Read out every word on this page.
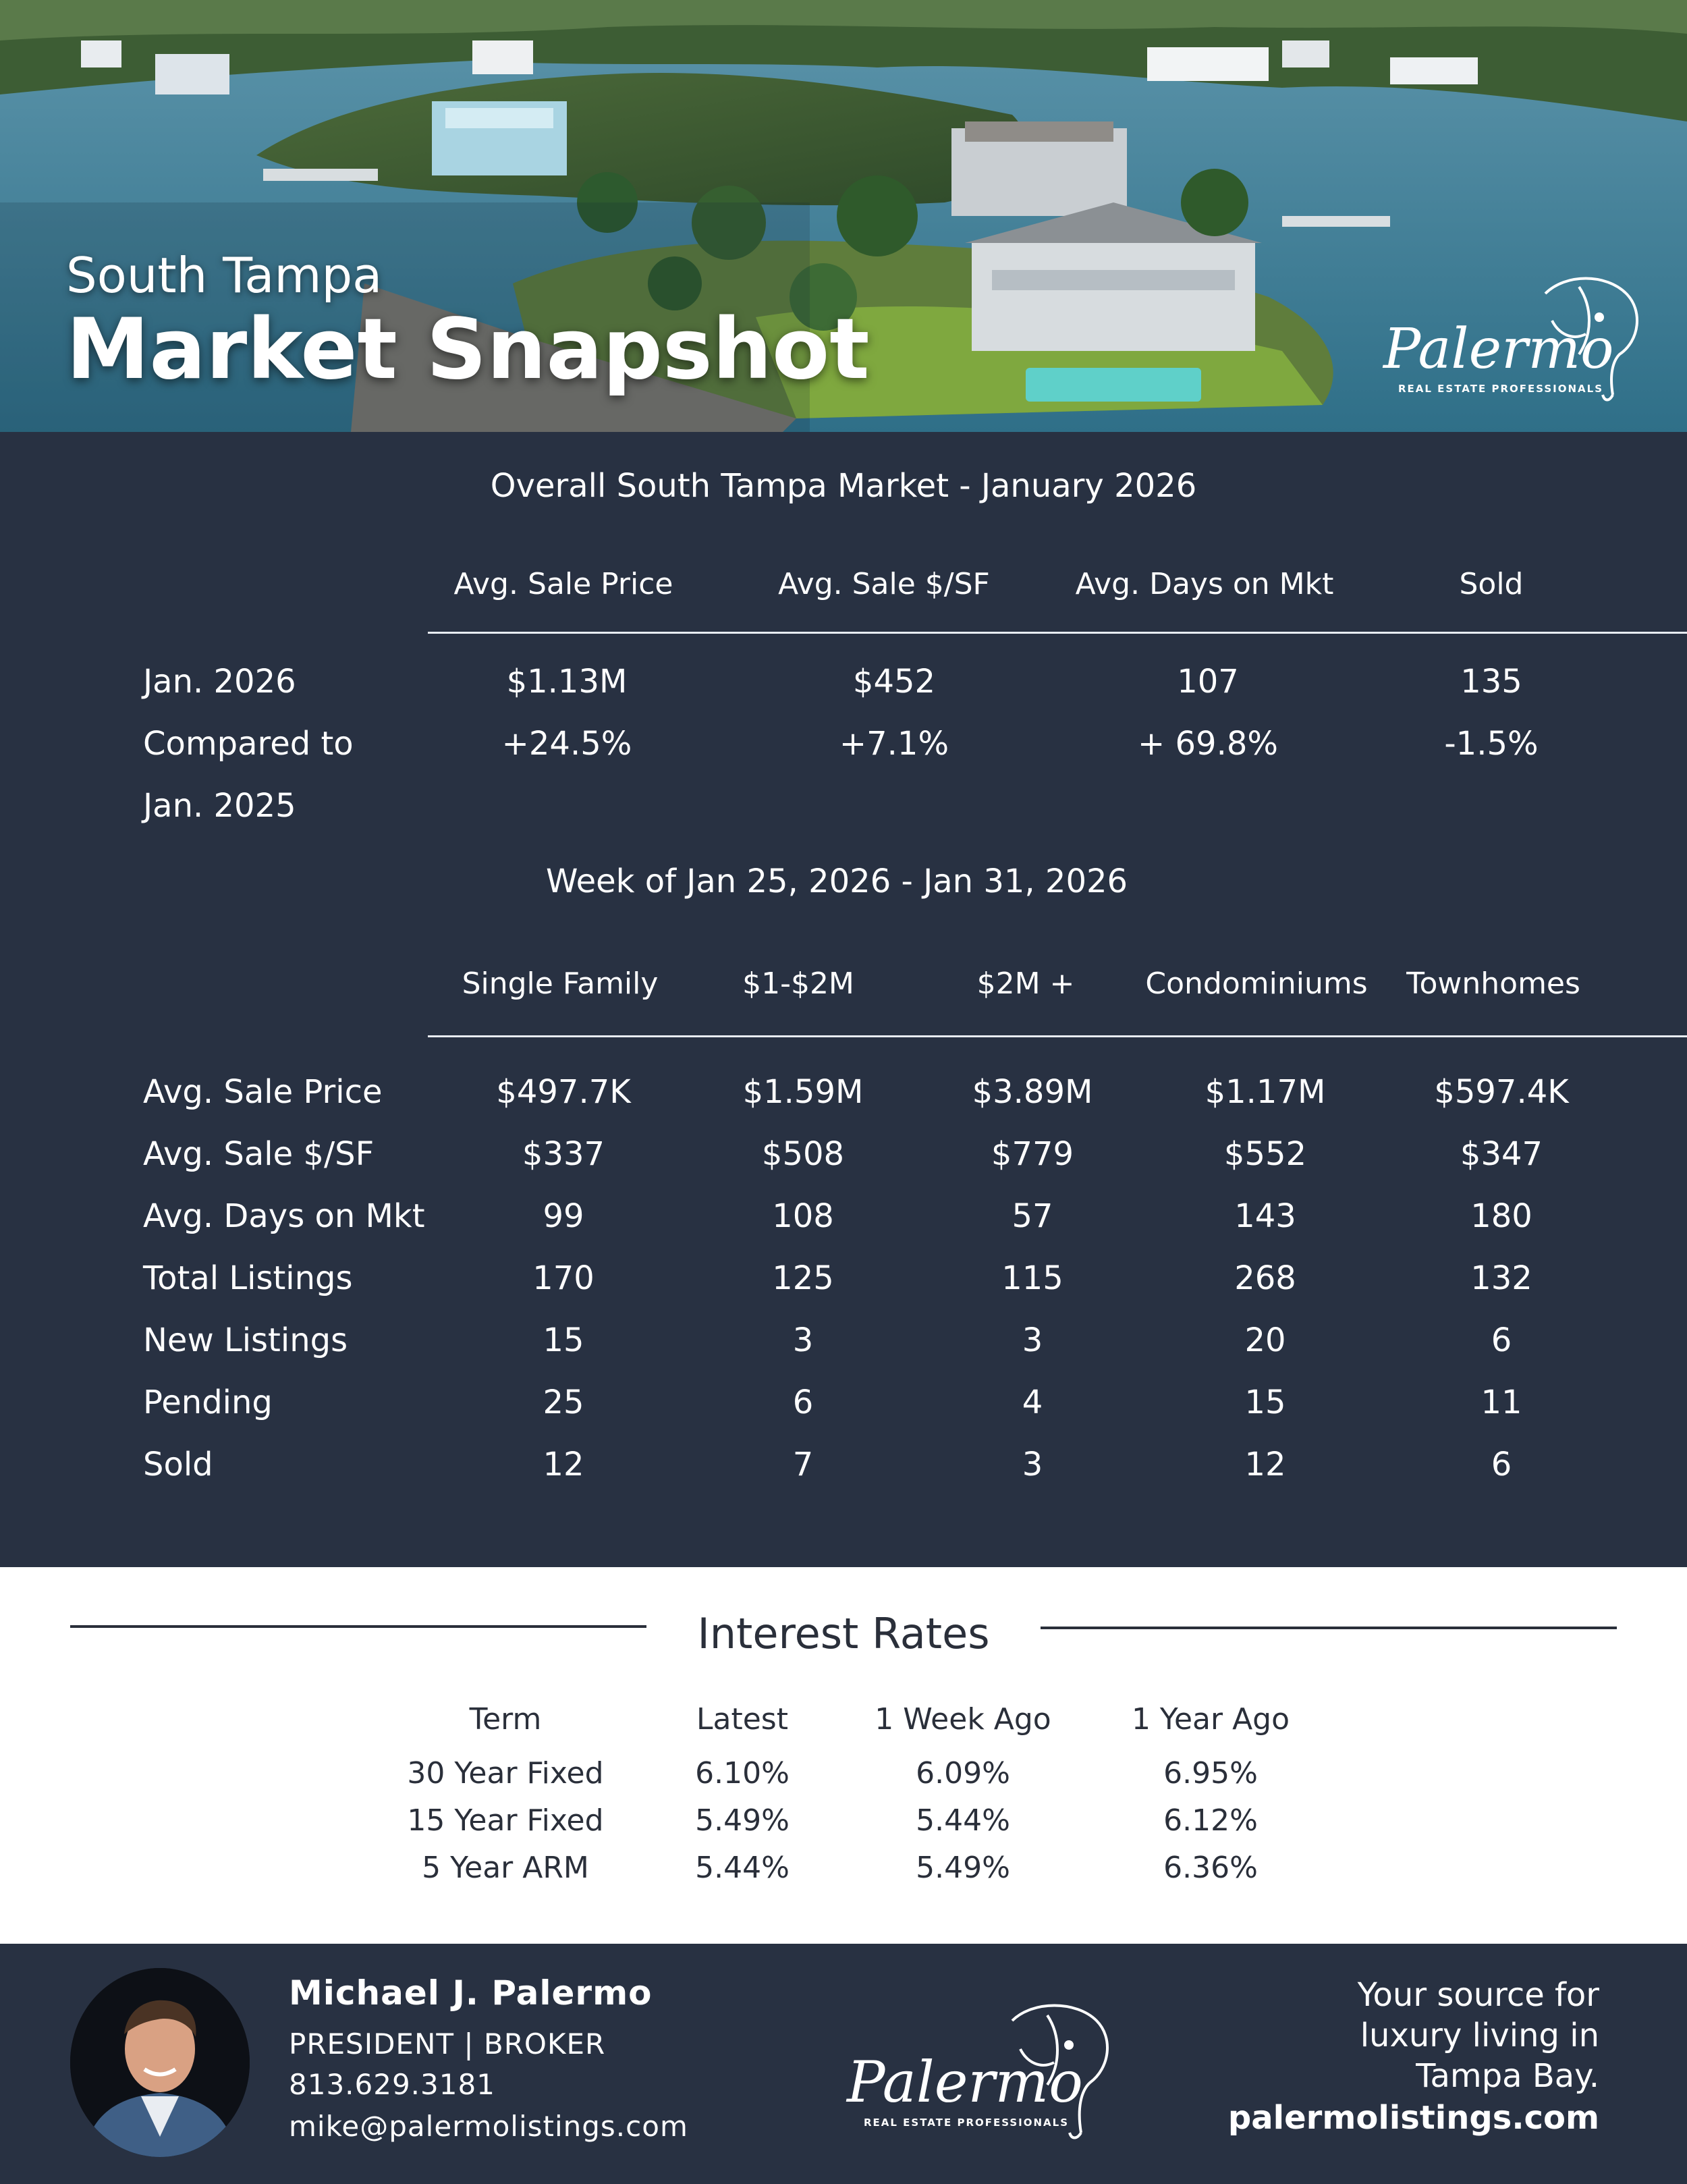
South Tampa
Market Snapshot	Palermo
REAL ESTATE PROFESSIONALS
Overall South Tampa Market - January 2026
Avg. Sale Price	Avg. Sale $/SF	Avg. Days on Mkt	Sold
Jan. 2026	$1.13M	$452	107	135
Compared to	+24.5%	+7.1%	+ 69.8%	-1.5%
Jan. 2025
Week of Jan 25, 2026 - Jan 31, 2026
Single Family	$1-$2M	$2M +	Condominiums	Townhomes
Avg. Sale Price	$497.7K	$1.59M	$3.89M	$1.17M	$597.4K
Avg. Sale $/SF	$337	$508	$779	$552	$347
Avg. Days on Mkt	99	108	57	143	180
Total Listings	170	125	115	268	132
New Listings	15	3	3	20	6
Pending	25	6	4	15	11
Sold	12	7	3	12	6
Interest Rates
Term	Latest	1 Week Ago	1 Year Ago
30 Year Fixed	6.10%	6.09%	6.95%
15 Year Fixed	5.49%	5.44%	6.12%
5 Year ARM	5.44%	5.49%	6.36%
Michael J. Palermo
PRESIDENT | BROKER
813.629.3181
mike@palermolistings.com
Palermo
REAL ESTATE PROFESSIONALS
Your source for luxury living in Tampa Bay.
palermolistings.com
